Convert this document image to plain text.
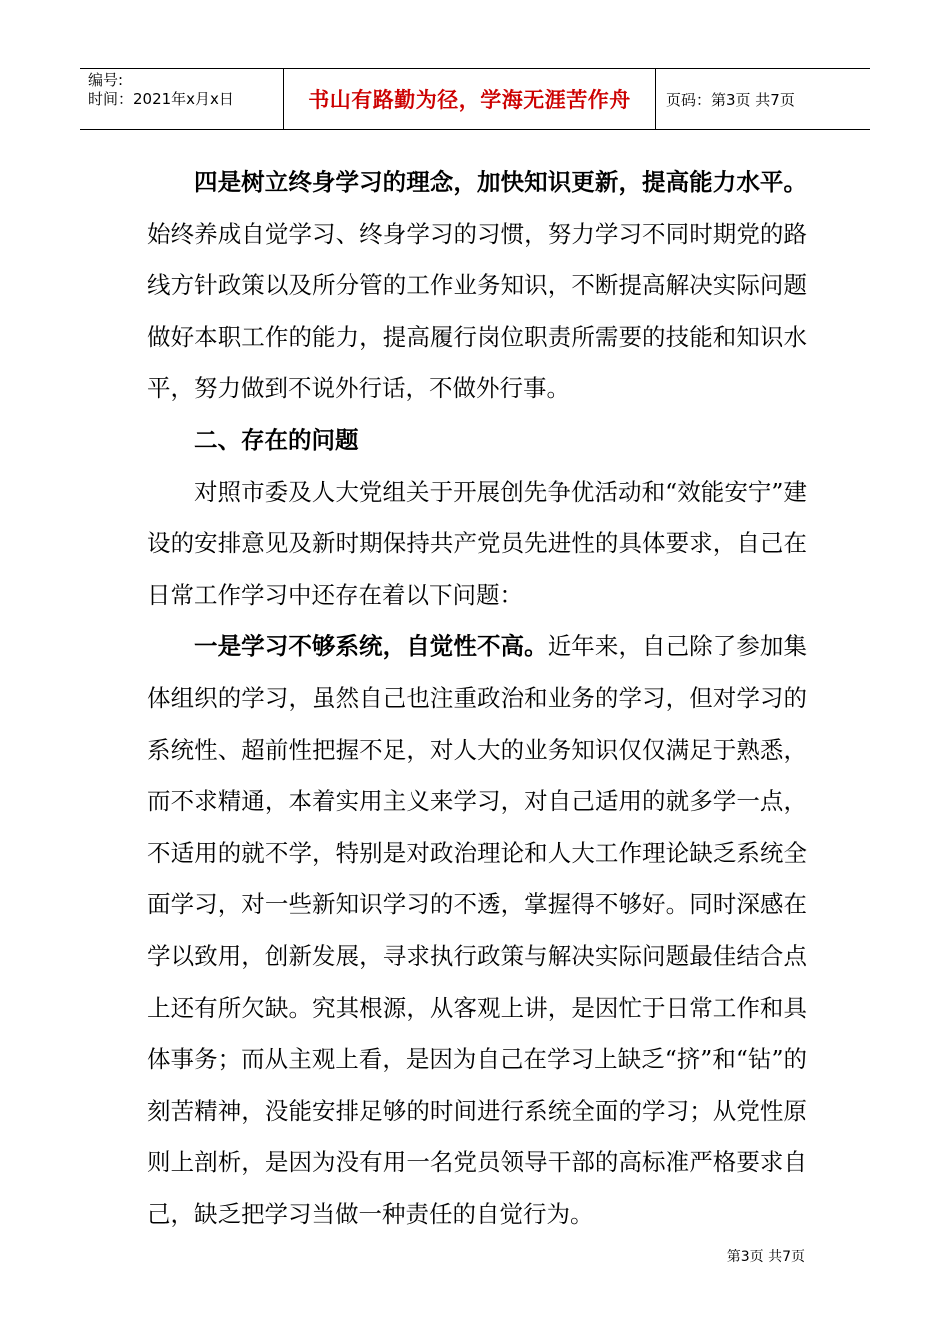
编号:
时间：2021年x月x日	书山有路勤为径，学海无涯苦作舟	页码：第3页 共7页

四是树立终身学习的理念，加快知识更新，提高能力水平。始终养成自觉学习、终身学习的习惯，努力学习不同时期党的路线方针政策以及所分管的工作业务知识，不断提高解决实际问题做好本职工作的能力，提高履行岗位职责所需要的技能和知识水平，努力做到不说外行话，不做外行事。

二、存在的问题

对照市委及人大党组关于开展创先争优活动和“效能安宁”建设的安排意见及新时期保持共产党员先进性的具体要求，自己在日常工作学习中还存在着以下问题：

一是学习不够系统，自觉性不高。近年来，自己除了参加集体组织的学习，虽然自己也注重政治和业务的学习，但对学习的系统性、超前性把握不足，对人大的业务知识仅仅满足于熟悉，而不求精通，本着实用主义来学习，对自己适用的就多学一点，不适用的就不学，特别是对政治理论和人大工作理论缺乏系统全面学习，对一些新知识学习的不透，掌握得不够好。同时深感在学以致用，创新发展，寻求执行政策与解决实际问题最佳结合点上还有所欠缺。究其根源，从客观上讲，是因忙于日常工作和具体事务；而从主观上看，是因为自己在学习上缺乏“挤”和“钻”的刻苦精神，没能安排足够的时间进行系统全面的学习；从党性原则上剖析，是因为没有用一名党员领导干部的高标准严格要求自己，缺乏把学习当做一种责任的自觉行为。

第3页 共7页
